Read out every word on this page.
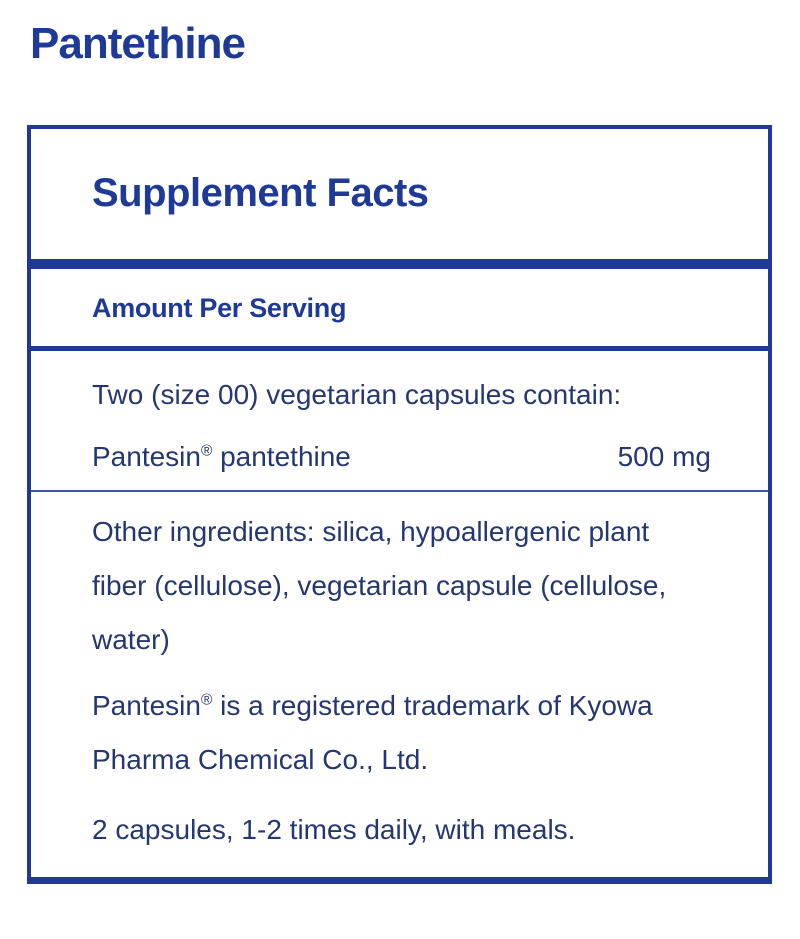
Pantethine
Supplement Facts
Amount Per Serving

Two (size 00) vegetarian capsules contain:

Pantesin® pantethine	500 mg

Other ingredients: silica, hypoallergenic plant
fiber (cellulose), vegetarian capsule (cellulose,
water)

Pantesin® is a registered trademark of Kyowa
Pharma Chemical Co., Ltd.

2 capsules, 1-2 times daily, with meals.
